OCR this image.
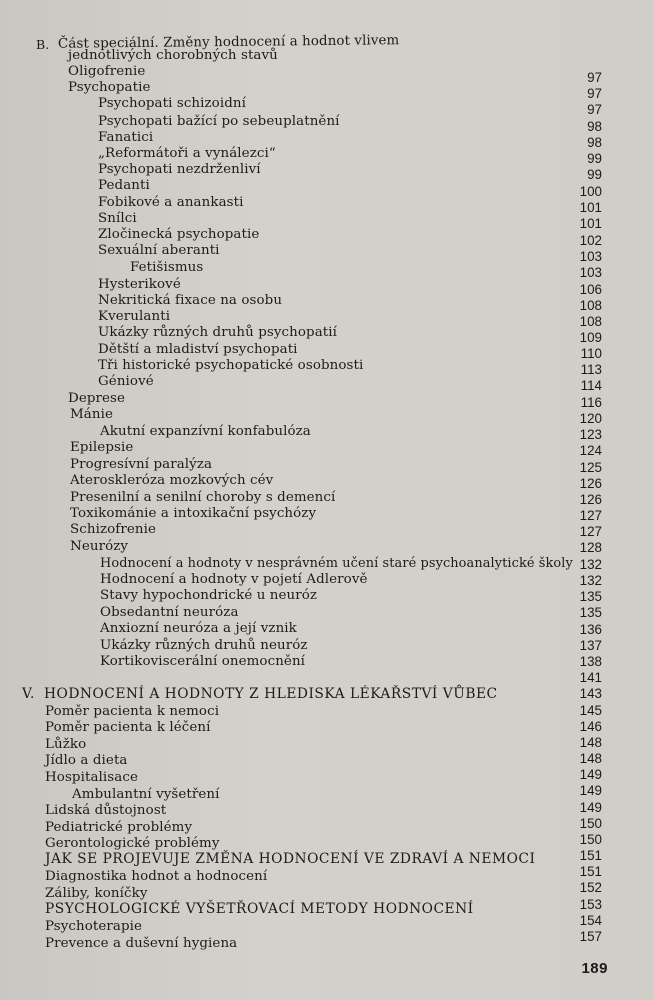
B. Část speciální. Změny hodnocení a hodnot vlivem
jednotlivých chorobných stavů
Oligofrenie	97
Psychopatie	97
Psychopati schizoidní	97
Psychopati bažící po sebeuplatnění	98
Fanatici	98
„Reformátoři a vynálezci“	99
Psychopati nezdrženliví	99
Pedanti	100
Fobikové a anankasti	101
Snílci	101
Zločinecká psychopatie	102
Sexuální aberanti	103
Fetišismus	103
Hysterikové	106
Nekritická fixace na osobu	108
Kverulanti	108
Ukázky různých druhů psychopatií	109
Dětští a mladiství psychopati	110
Tři historické psychopatické osobnosti	113
Géniové	114
Deprese	116
Mánie	120
Akutní expanzívní konfabulóza	123
Epilepsie	124
Progresívní paralýza	125
Ateroskleróza mozkových cév	126
Presenilní a senilní choroby s demencí	126
Toxikománie a intoxikační psychózy	127
Schizofrenie	127
Neurózy	128
Hodnocení a hodnoty v nesprávném učení staré psychoanalytické školy 132
Hodnocení a hodnoty v pojetí Adlerově	132
Stavy hypochondrické u neuróz	135
Obsedantní neuróza	135
Anxiozní neuróza a její vznik	136
Ukázky různých druhů neuróz	137
Kortikoviscerální onemocnění	138
141
V. HODNOCENÍ A HODNOTY Z HLEDISKA LÉKAŘSTVÍ VŮBEC	143
Poměr pacienta k nemoci	145
Poměr pacienta k léčení	146
Lůžko	148
Jídlo a dieta	148
Hospitalisace	149
Ambulantní vyšetření	149
Lidská důstojnost	149
Pediatrické problémy	150
Gerontologické problémy	150
JAK SE PROJEVUJE ZMĚNA HODNOCENÍ VE ZDRAVÍ A NEMOCI	151
Diagnostika hodnot a hodnocení	151
Záliby, koníčky	152
PSYCHOLOGICKÉ VYŠETŘOVACÍ METODY HODNOCENÍ	153
Psychoterapie	154
Prevence a duševní hygiena	157
189
